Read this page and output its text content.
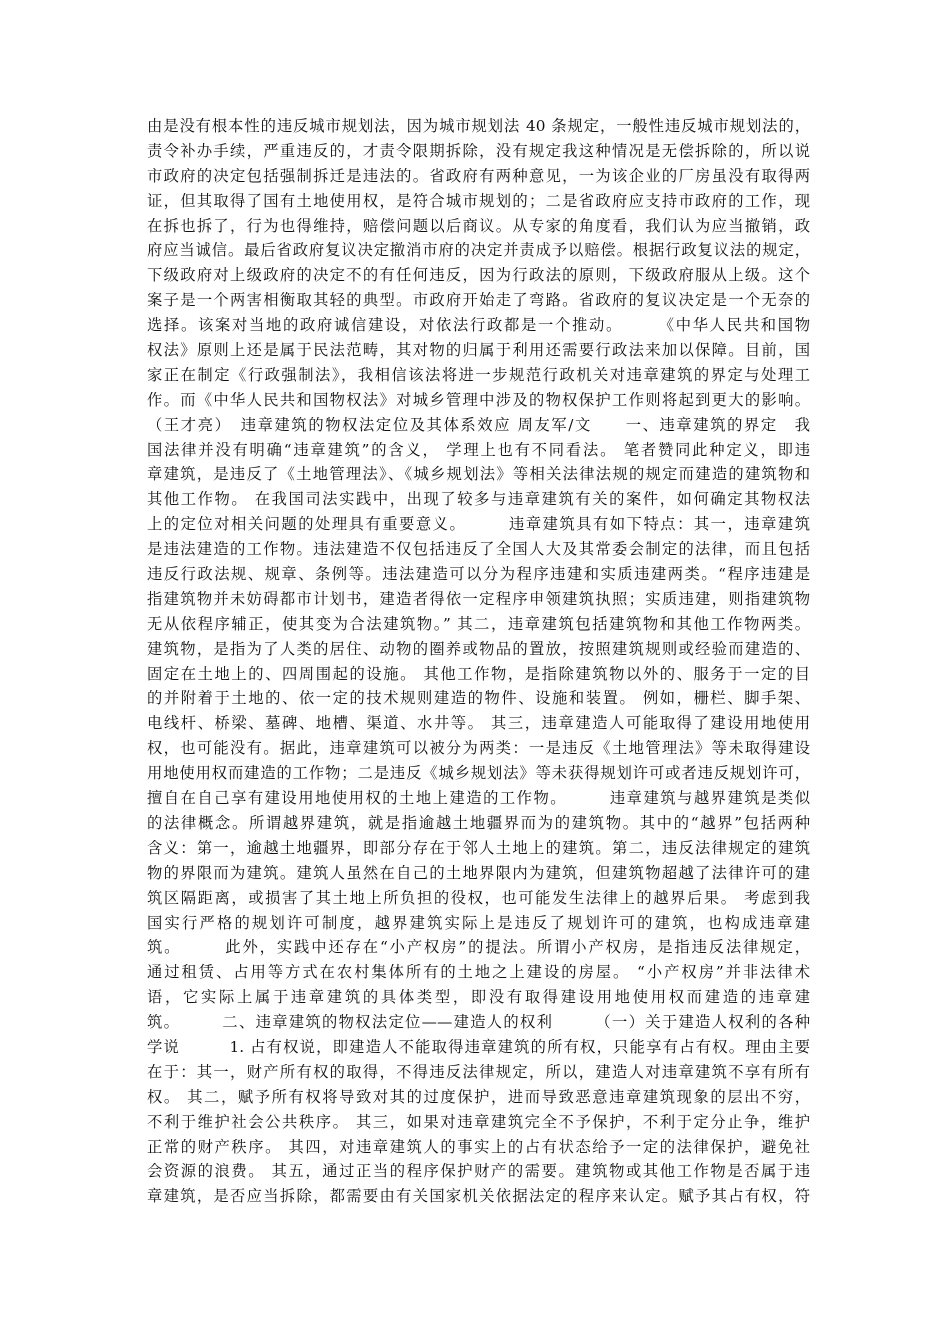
由是没有根本性的违反城市规划法，因为城市规划法 40 条规定，一般性违反城市规划法的，
责令补办手续，严重违反的，才责令限期拆除，没有规定我这种情况是无偿拆除的，所以说
市政府的决定包括强制拆迁是违法的。省政府有两种意见，一为该企业的厂房虽没有取得两
证，但其取得了国有土地使用权，是符合城市规划的；二是省政府应支持市政府的工作，现
在拆也拆了，行为也得维持，赔偿问题以后商议。从专家的角度看，我们认为应当撤销，政
府应当诚信。最后省政府复议决定撤消市府的决定并责成予以赔偿。根据行政复议法的规定，
下级政府对上级政府的决定不的有任何违反，因为行政法的原则，下级政府服从上级。这个
案子是一个两害相衡取其轻的典型。市政府开始走了弯路。省政府的复议决定是一个无奈的
选择。该案对当地的政府诚信建设，对依法行政都是一个推动。　　　《中华人民共和国物
权法》原则上还是属于民法范畴，其对物的归属于利用还需要行政法来加以保障。目前，国
家正在制定《行政强制法》，我相信该法将进一步规范行政机关对违章建筑的界定与处理工
作。而《中华人民共和国物权法》对城乡管理中涉及的物权保护工作则将起到更大的影响。
（王才亮）　违章建筑的物权法定位及其体系效应 周友军/文　　一、违章建筑的界定　我
国法律并没有明确“违章建筑”的含义， 学理上也有不同看法。 笔者赞同此种定义，即违
章建筑，是违反了《土地管理法》、《城乡规划法》等相关法律法规的规定而建造的建筑物和
其他工作物。 在我国司法实践中，出现了较多与违章建筑有关的案件，如何确定其物权法
上的定位对相关问题的处理具有重要意义。　　　违章建筑具有如下特点：其一，违章建筑
是违法建造的工作物。违法建造不仅包括违反了全国人大及其常委会制定的法律，而且包括
违反行政法规、规章、条例等。违法建造可以分为程序违建和实质违建两类。“程序违建是
指建筑物并未妨碍都市计划书，建造者得依一定程序申领建筑执照；实质违建，则指建筑物
无从依程序辅正，使其变为合法建筑物。” 其二，违章建筑包括建筑物和其他工作物两类。
建筑物，是指为了人类的居住、动物的圈养或物品的置放，按照建筑规则或经验而建造的、
固定在土地上的、四周围起的设施。 其他工作物，是指除建筑物以外的、服务于一定的目
的并附着于土地的、依一定的技术规则建造的物件、设施和装置。 例如，栅栏、脚手架、
电线杆、桥梁、墓碑、地槽、渠道、水井等。 其三，违章建造人可能取得了建设用地使用
权，也可能没有。据此，违章建筑可以被分为两类：一是违反《土地管理法》等未取得建设
用地使用权而建造的工作物；二是违反《城乡规划法》等未获得规划许可或者违反规划许可，
擅自在自己享有建设用地使用权的土地上建造的工作物。　　　违章建筑与越界建筑是类似
的法律概念。所谓越界建筑，就是指逾越土地疆界而为的建筑物。其中的“越界”包括两种
含义：第一，逾越土地疆界，即部分存在于邻人土地上的建筑。第二，违反法律规定的建筑
物的界限而为建筑。建筑人虽然在自己的土地界限内为建筑，但建筑物超越了法律许可的建
筑区隔距离，或损害了其土地上所负担的役权，也可能发生法律上的越界后果。 考虑到我
国实行严格的规划许可制度，越界建筑实际上是违反了规划许可的建筑，也构成违章建
筑。　　　此外，实践中还存在“小产权房”的提法。所谓小产权房，是指违反法律规定，
通过租赁、占用等方式在农村集体所有的土地之上建设的房屋。 “小产权房”并非法律术
语，它实际上属于违章建筑的具体类型，即没有取得建设用地使用权而建造的违章建
筑。　　　二、违章建筑的物权法定位——建造人的权利　　　（一）关于建造人权利的各种
学说　　　1. 占有权说，即建造人不能取得违章建筑的所有权，只能享有占有权。理由主要
在于：其一，财产所有权的取得，不得违反法律规定，所以，建造人对违章建筑不享有所有
权。 其二，赋予所有权将导致对其的过度保护，进而导致恶意违章建筑现象的层出不穷，
不利于维护社会公共秩序。 其三，如果对违章建筑完全不予保护，不利于定分止争，维护
正常的财产秩序。 其四，对违章建筑人的事实上的占有状态给予一定的法律保护，避免社
会资源的浪费。 其五，通过正当的程序保护财产的需要。建筑物或其他工作物是否属于违
章建筑，是否应当拆除，都需要由有关国家机关依据法定的程序来认定。赋予其占有权，符
